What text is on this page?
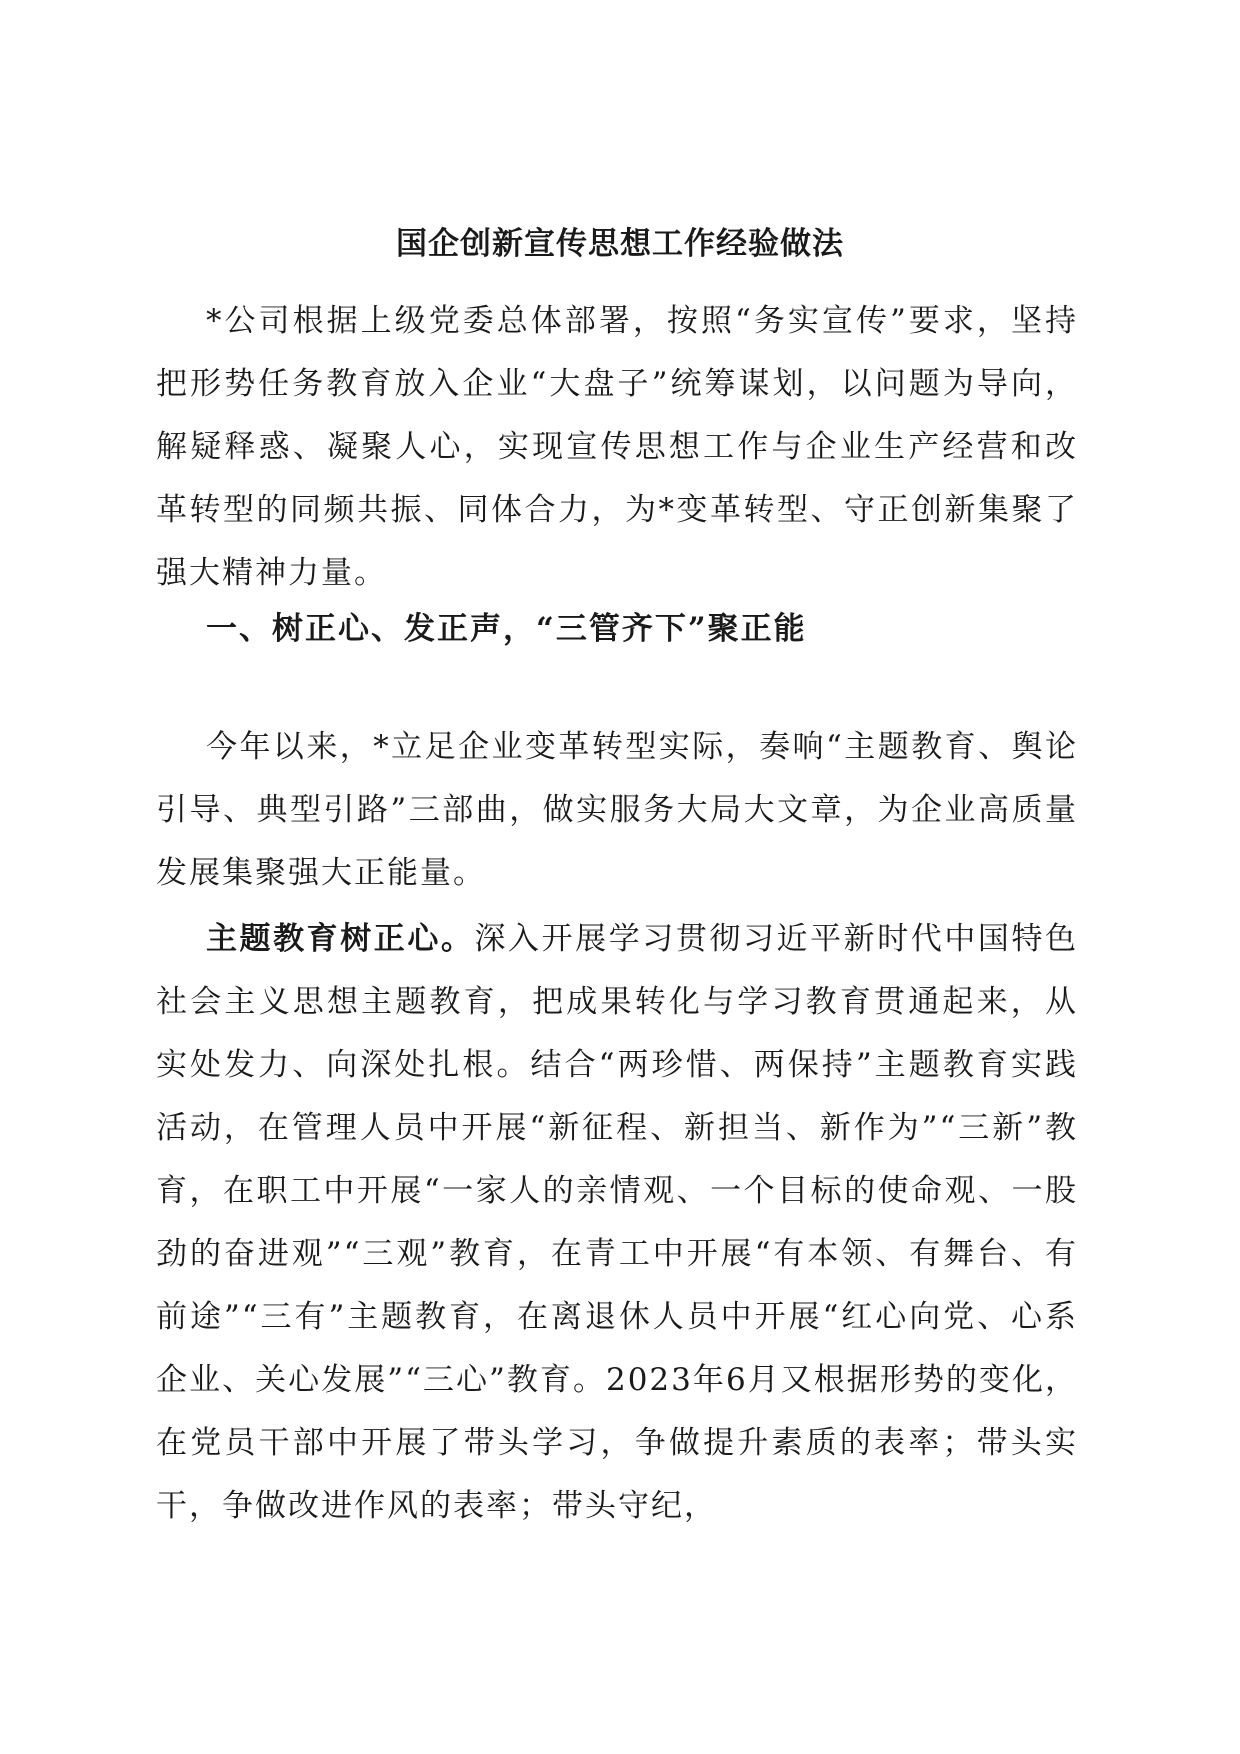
国企创新宣传思想工作经验做法

*公司根据上级党委总体部署，按照“务实宣传”要求，坚持把形势任务教育放入企业“大盘子”统筹谋划，以问题为导向，解疑释惑、凝聚人心，实现宣传思想工作与企业生产经营和改革转型的同频共振、同体合力，为*变革转型、守正创新集聚了强大精神力量。

一、树正心、发正声，“三管齐下”聚正能

今年以来，*立足企业变革转型实际，奏响“主题教育、舆论引导、典型引路”三部曲，做实服务大局大文章，为企业高质量发展集聚强大正能量。

主题教育树正心。深入开展学习贯彻习近平新时代中国特色社会主义思想主题教育，把成果转化与学习教育贯通起来，从实处发力、向深处扎根。结合“两珍惜、两保持”主题教育实践活动，在管理人员中开展“新征程、新担当、新作为”“三新”教育，在职工中开展“一家人的亲情观、一个目标的使命观、一股劲的奋进观”“三观”教育，在青工中开展“有本领、有舞台、有前途”“三有”主题教育，在离退休人员中开展“红心向党、心系企业、关心发展”“三心”教育。2023年6月又根据形势的变化，在党员干部中开展了带头学习，争做提升素质的表率；带头实干，争做改进作风的表率；带头守纪，
